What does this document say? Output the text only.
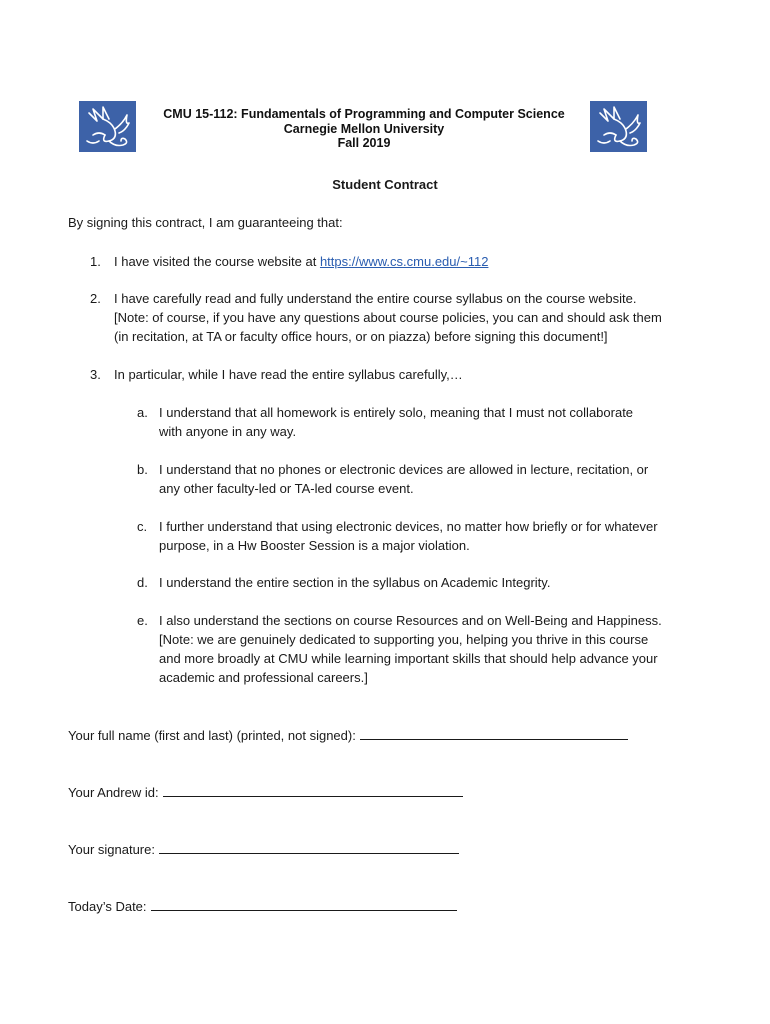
CMU 15-112: Fundamentals of Programming and Computer Science
Carnegie Mellon University
Fall 2019
Student Contract
By signing this contract, I am guaranteeing that:
1.	I have visited the course website at https://www.cs.cmu.edu/~112
2.	I have carefully read and fully understand the entire course syllabus on the course website.
[Note: of course, if you have any questions about course policies, you can and should ask them
(in recitation, at TA or faculty office hours, or on piazza) before signing this document!]
3.	In particular, while I have read the entire syllabus carefully,…
a. I understand that all homework is entirely solo, meaning that I must not collaborate
with anyone in any way.
b. I understand that no phones or electronic devices are allowed in lecture, recitation, or
any other faculty-led or TA-led course event.
c. I further understand that using electronic devices, no matter how briefly or for whatever
purpose, in a Hw Booster Session is a major violation.
d. I understand the entire section in the syllabus on Academic Integrity.
e. I also understand the sections on course Resources and on Well-Being and Happiness.
[Note: we are genuinely dedicated to supporting you, helping you thrive in this course
and more broadly at CMU while learning important skills that should help advance your
academic and professional careers.]
Your full name (first and last) (printed, not signed):
Your Andrew id:
Your signature:
Today’s Date:
